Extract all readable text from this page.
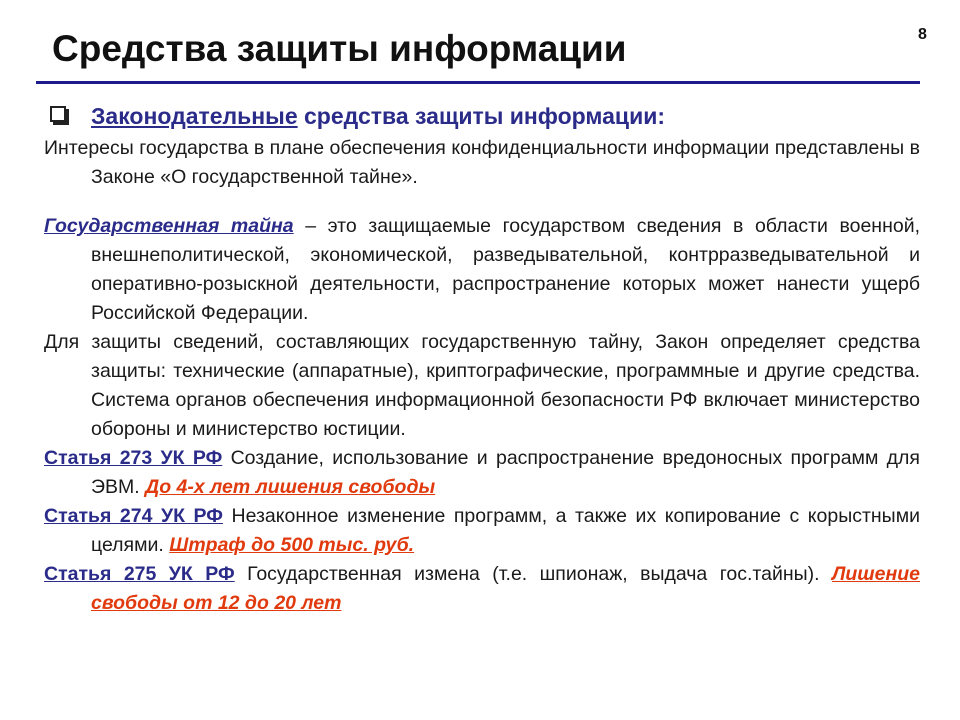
Средства защиты информации	8
Законодательные средства защиты информации:

Интересы государства в плане обеспечения конфиденциальности информации представлены в Законе «О государственной тайне».

Государственная тайна – это защищаемые государством сведения в области военной, внешнеполитической, экономической, разведывательной, контрразведывательной и оперативно-розыскной деятельности, распространение которых может нанести ущерб Российской Федерации.

Для защиты сведений, составляющих государственную тайну, Закон определяет средства защиты: технические (аппаратные), криптографические, программные и другие средства. Система органов обеспечения информационной безопасности РФ включает министерство обороны и министерство юстиции.

Статья 273 УК РФ Создание, использование и распространение вредоносных программ для ЭВМ. До 4-х лет лишения свободы

Статья 274 УК РФ Незаконное изменение программ, а также их копирование с корыстными целями. Штраф до 500 тыс. руб.

Статья 275 УК РФ Государственная измена (т.е. шпионаж, выдача гос.тайны). Лишение свободы от 12 до 20 лет
